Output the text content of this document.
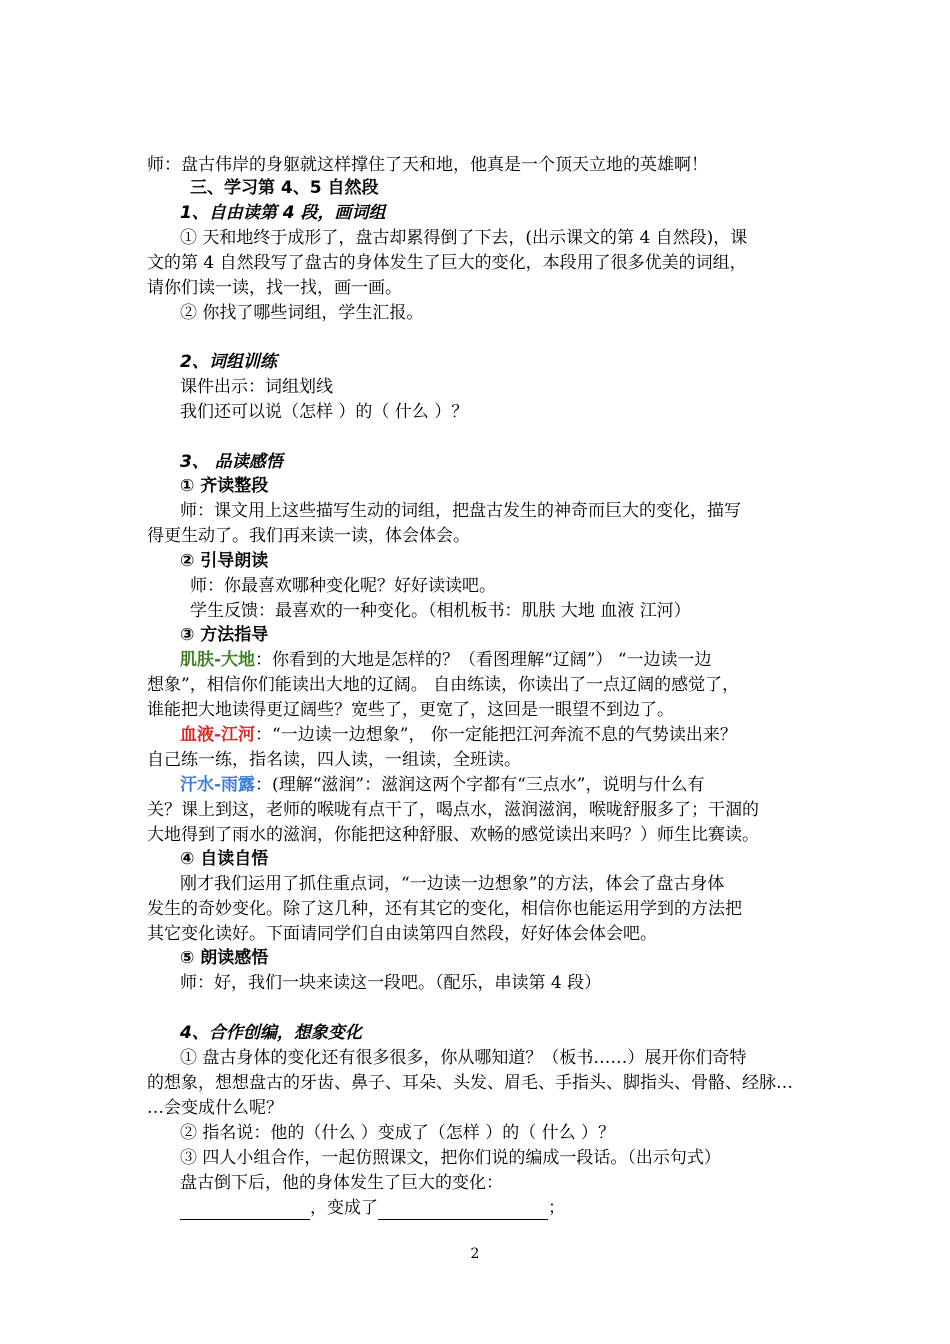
师：盘古伟岸的身躯就这样撑住了天和地，他真是一个顶天立地的英雄啊！
三、学习第 4、5 自然段
1、自由读第 4 段，画词组
① 天和地终于成形了，盘古却累得倒了下去，(出示课文的第 4 自然段)，课
文的第 4 自然段写了盘古的身体发生了巨大的变化，本段用了很多优美的词组，
请你们读一读，找一找，画一画。
② 你找了哪些词组，学生汇报。
2、词组训练
课件出示：词组划线
我们还可以说（怎样 ）的（ 什么 ）？
3、 品读感悟
① 齐读整段
师：课文用上这些描写生动的词组，把盘古发生的神奇而巨大的变化，描写
得更生动了。我们再来读一读，体会体会。
② 引导朗读
师：你最喜欢哪种变化呢？好好读读吧。
学生反馈：最喜欢的一种变化。（相机板书：肌肤 大地 血液 江河）
③ 方法指导
肌肤-大地：你看到的大地是怎样的？（看图理解“辽阔”） “一边读一边
想象”，相信你们能读出大地的辽阔。 自由练读，你读出了一点辽阔的感觉了，
谁能把大地读得更辽阔些？宽些了，更宽了，这回是一眼望不到边了。
血液-江河：“一边读一边想象”， 你一定能把江河奔流不息的气势读出来？
自己练一练，指名读，四人读，一组读，全班读。
汗水-雨露：(理解“滋润”：滋润这两个字都有“三点水”，说明与什么有
关？课上到这，老师的喉咙有点干了，喝点水，滋润滋润，喉咙舒服多了；干涸的
大地得到了雨水的滋润，你能把这种舒服、欢畅的感觉读出来吗？）师生比赛读。
④ 自读自悟
刚才我们运用了抓住重点词，“一边读一边想象”的方法，体会了盘古身体
发生的奇妙变化。除了这几种，还有其它的变化，相信你也能运用学到的方法把
其它变化读好。下面请同学们自由读第四自然段，好好体会体会吧。
⑤ 朗读感悟
师：好，我们一块来读这一段吧。（配乐，串读第 4 段）
4、合作创编，想象变化
① 盘古身体的变化还有很多很多，你从哪知道？（板书……）展开你们奇特
的想象，想想盘古的牙齿、鼻子、耳朵、头发、眉毛、手指头、脚指头、骨骼、经脉…
…会变成什么呢？
② 指名说：他的（什么 ）变成了（怎样 ）的（ 什么 ）？
③ 四人小组合作，一起仿照课文，把你们说的编成一段话。（出示句式）
盘古倒下后，他的身体发生了巨大的变化：
，变成了	；
2
